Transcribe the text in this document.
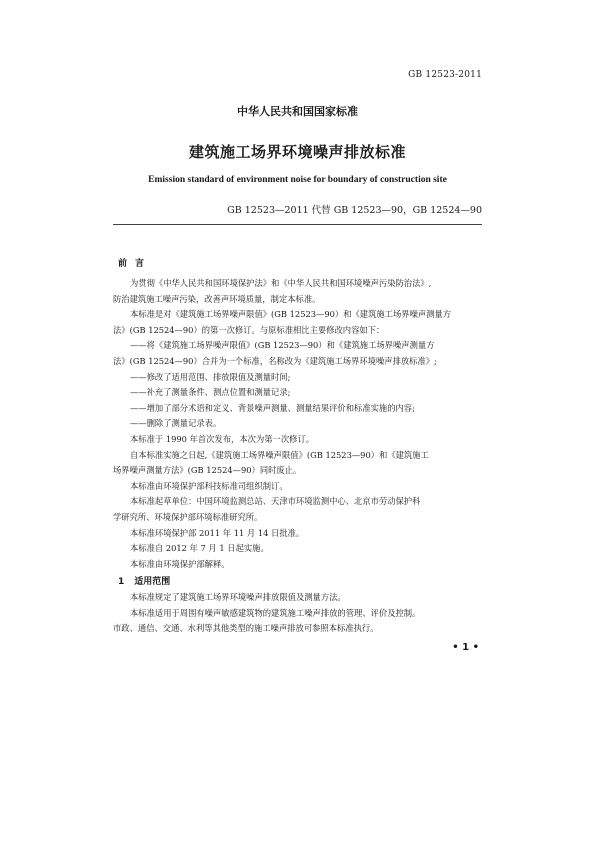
GB 12523-2011
中华人民共和国国家标准
建筑施工场界环境噪声排放标准
Emission standard of environment noise for boundary of construction site
GB 12523—2011 代替 GB 12523—90，GB 12524—90
前言
为贯彻《中华人民共和国环境保护法》和《中华人民共和国环境噪声污染防治法》,
防治建筑施工噪声污染，改善声环境质量，制定本标准。
本标准是对《建筑施工场界噪声限值》(GB 12523—90）和《建筑施工场界噪声测量方
法》(GB 12524—90）的第一次修订。与原标准相比主要修改内容如下：
——将《建筑施工场界噪声限值》(GB 12523—90）和《建筑施工场界噪声测量方
法》(GB 12524—90）合并为一个标准，名称改为《建筑施工场界环境噪声排放标准》;
——修改了适用范围、排放限值及测量时间;
——补充了测量条件、测点位置和测量记录;
——增加了部分术语和定义、背景噪声测量、测量结果评价和标准实施的内容;
——删除了测量记录表。
本标准于 1990 年首次发布，本次为第一次修订。
自本标准实施之日起,《建筑施工场界噪声限值》(GB 12523—90）和《建筑施工
场界噪声测量方法》(GB 12524—90）同时废止。
本标准由环境保护部科技标准司组织制订。
本标准起草单位：中国环境监测总站、天津市环境监测中心、北京市劳动保护科
学研究所、环境保护部环境标准研究所。
本标准环境保护部 2011 年 11 月 14 日批准。
本标准自 2012 年 7 月 1 日起实施。
本标准由环境保护部解释。
1 适用范围
本标准规定了建筑施工场界环境噪声排放限值及测量方法。
本标准适用于周围有噪声敏感建筑物的建筑施工噪声排放的管理、评价及控制。
市政、通信、交通、水利等其他类型的施工噪声排放可参照本标准执行。
• 1 •
